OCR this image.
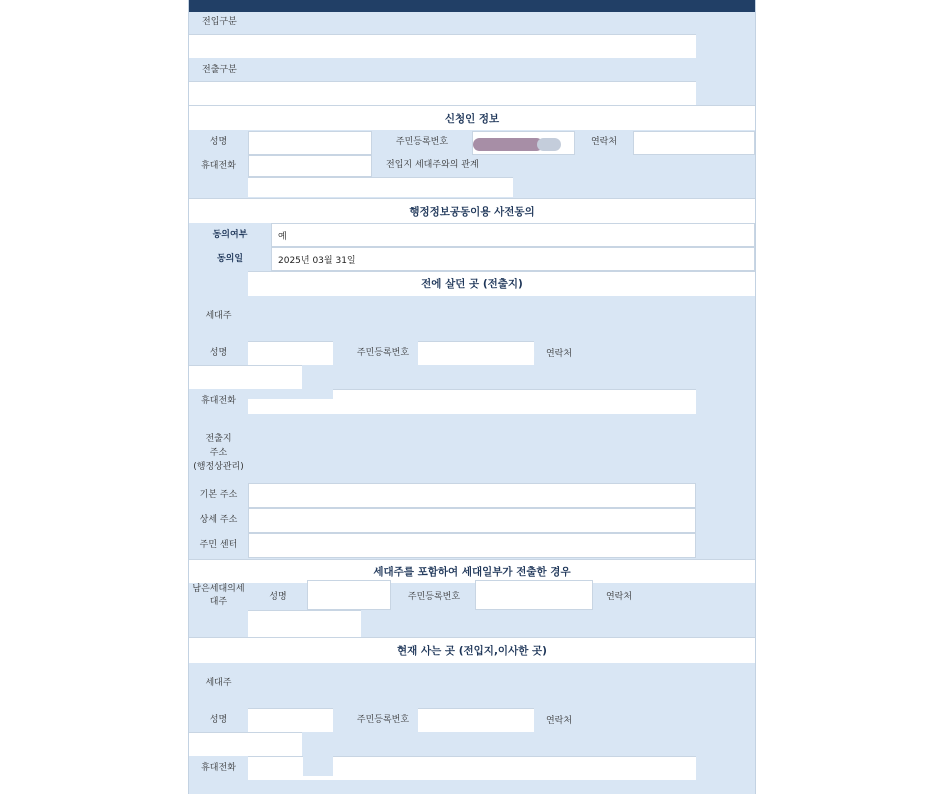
전입구분
전출구분
신청인 정보
성명	주민등록번호	연락처
휴대전화	전입지 세대주와의 관계
행정정보공동이용 사전동의
동의여부	예
동의일	2025년 03월 31일
전에 살던 곳 (전출지)
세대주
성명	주민등록번호	연락처
휴대전화
전출지
주소
(행정상관리)
기본 주소
상세 주소
주민 센터
세대주를 포함하여 세대일부가 전출한 경우
남은세대의세
대주	성명	주민등록번호	연락처
현재 사는 곳 (전입지,이사한 곳)
세대주
성명	주민등록번호	연락처
휴대전화
